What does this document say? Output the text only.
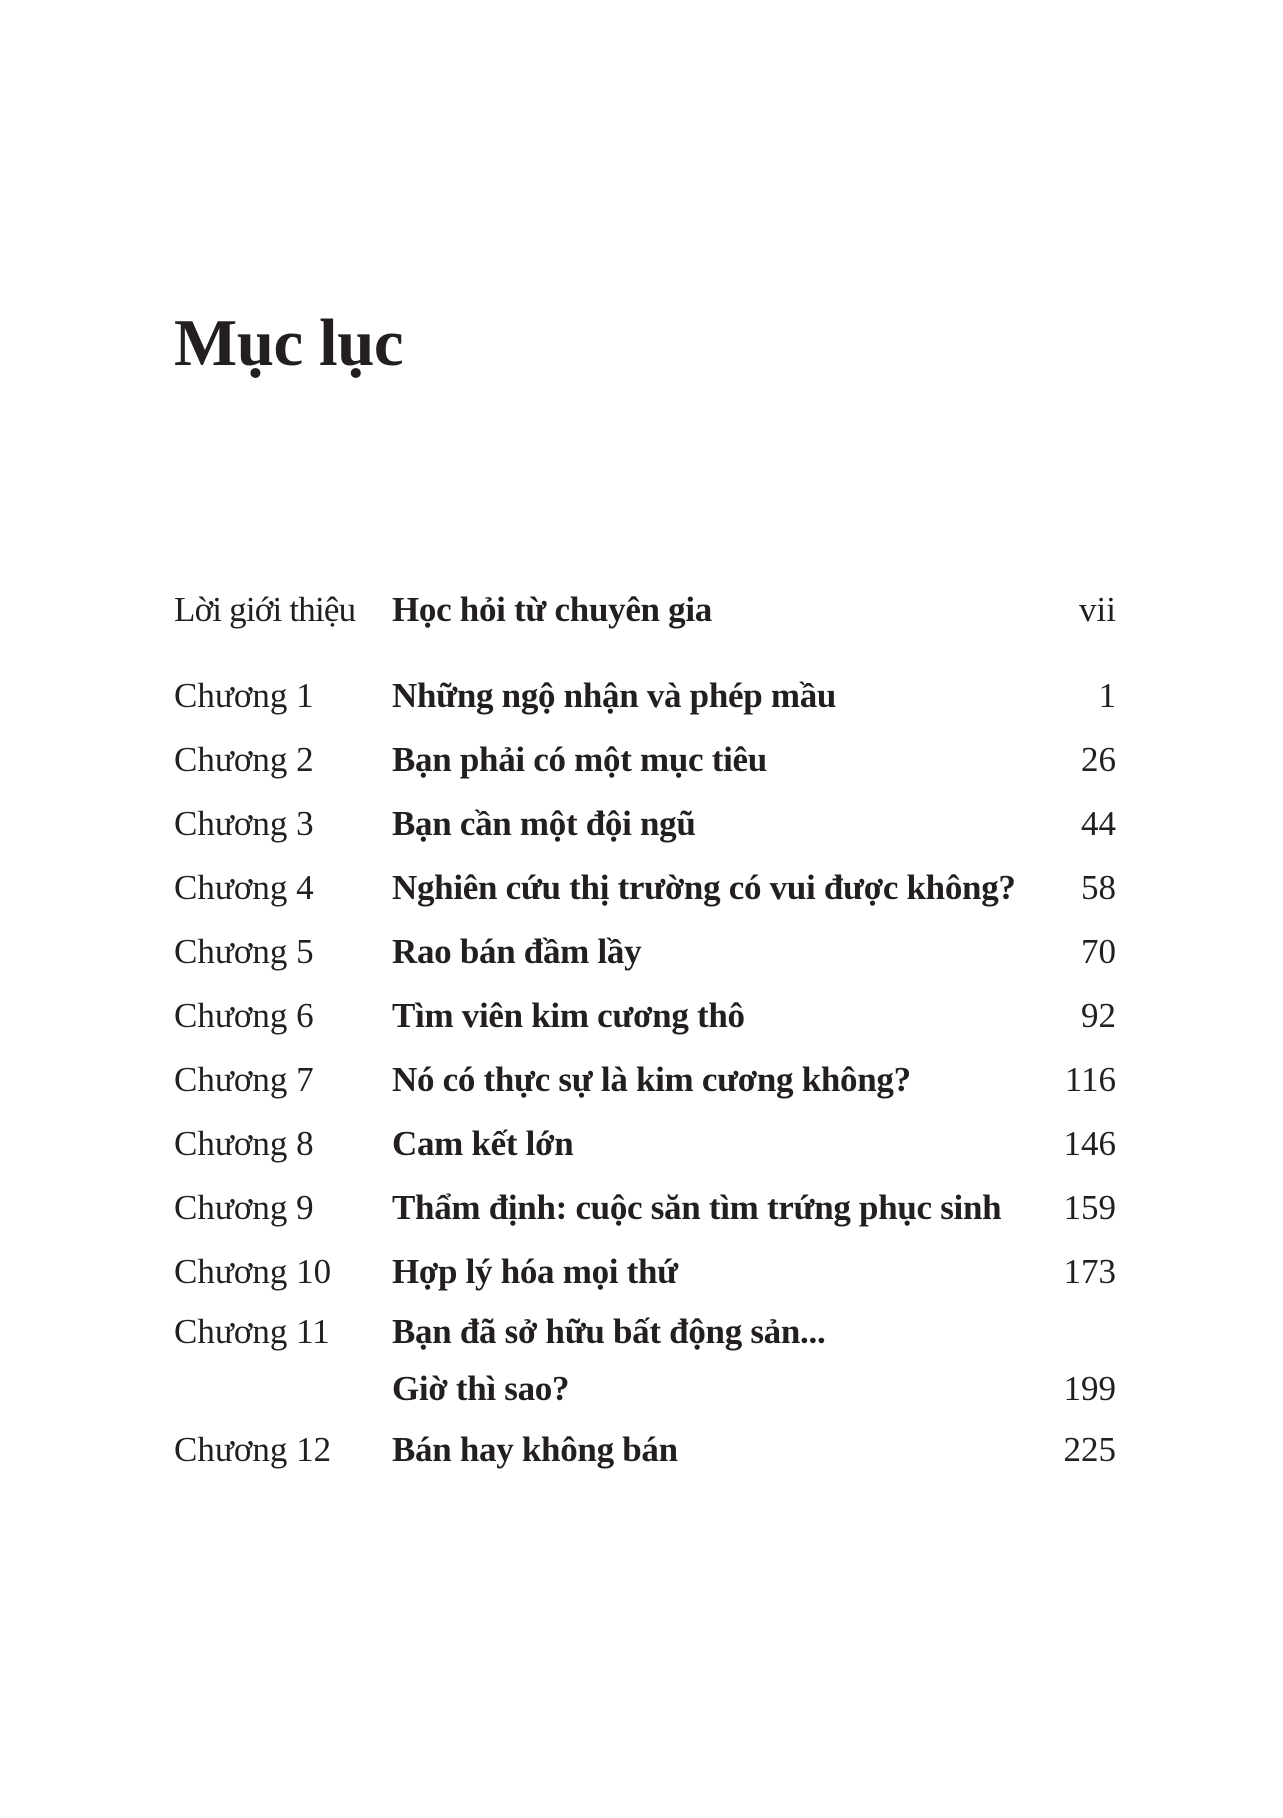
Mục lục
Lời giới thiệu	Học hỏi từ chuyên gia	vii
Chương 1	Những ngộ nhận và phép mầu	1
Chương 2	Bạn phải có một mục tiêu	26
Chương 3	Bạn cần một đội ngũ	44
Chương 4	Nghiên cứu thị trường có vui được không?	58
Chương 5	Rao bán đầm lầy	70
Chương 6	Tìm viên kim cương thô	92
Chương 7	Nó có thực sự là kim cương không?	116
Chương 8	Cam kết lớn	146
Chương 9	Thẩm định: cuộc săn tìm trứng phục sinh	159
Chương 10	Hợp lý hóa mọi thứ	173
Chương 11	Bạn đã sở hữu bất động sản...
Giờ thì sao?	199
Chương 12	Bán hay không bán	225
